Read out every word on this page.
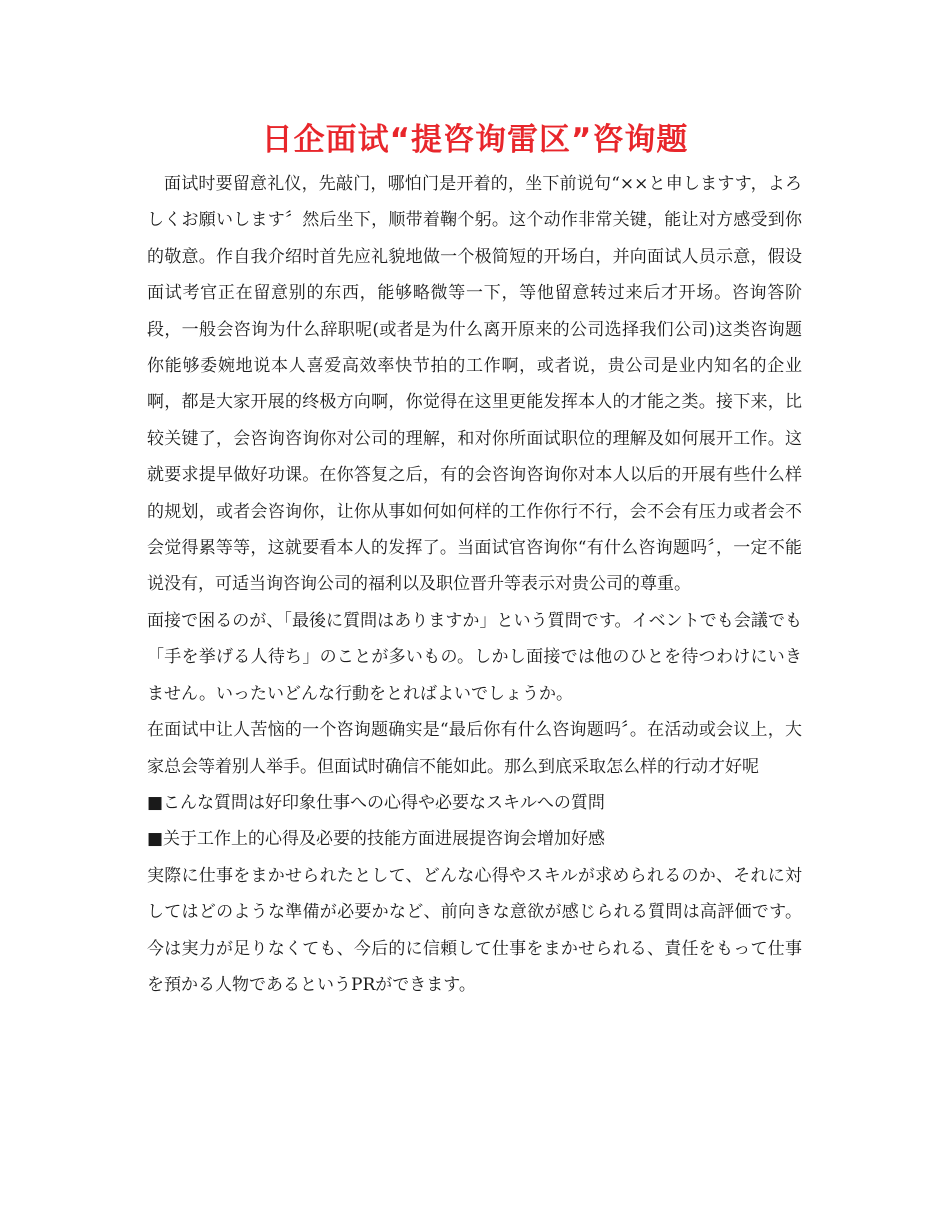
日企面试“提咨询雷区”咨询题

面试时要留意礼仪，先敲门，哪怕门是开着的，坐下前说句“××と申しますす，よろしくお願いします〞然后坐下，顺带着鞠个躬。这个动作非常关键，能让对方感受到你的敬意。作自我介绍时首先应礼貌地做一个极简短的开场白，并向面试人员示意，假设面试考官正在留意别的东西，能够略微等一下，等他留意转过来后才开场。咨询答阶段，一般会咨询为什么辞职呢(或者是为什么离开原来的公司选择我们公司)这类咨询题你能够委婉地说本人喜爱高效率快节拍的工作啊，或者说，贵公司是业内知名的企业啊，都是大家开展的终极方向啊，你觉得在这里更能发挥本人的才能之类。接下来，比较关键了，会咨询咨询你对公司的理解，和对你所面试职位的理解及如何展开工作。这就要求提早做好功课。在你答复之后，有的会咨询咨询你对本人以后的开展有些什么样的规划，或者会咨询你，让你从事如何如何样的工作你行不行，会不会有压力或者会不会觉得累等等，这就要看本人的发挥了。当面试官咨询你“有什么咨询题吗〞，一定不能说没有，可适当询咨询公司的福利以及职位晋升等表示对贵公司的尊重。

面接で困るのが、「最後に質問はありますか」という質問です。イベントでも会議でも「手を挙げる人待ち」のことが多いもの。しかし面接では他のひとを待つわけにいきません。いったいどんな行動をとればよいでしょうか。

在面试中让人苦恼的一个咨询题确实是“最后你有什么咨询题吗〞。在活动或会议上，大家总会等着别人举手。但面试时确信不能如此。那么到底采取怎么样的行动才好呢

■こんな質問は好印象仕事への心得や必要なスキルへの質問

■关于工作上的心得及必要的技能方面进展提咨询会增加好感

実際に仕事をまかせられたとして、どんな心得やスキルが求められるのか、それに対してはどのような準備が必要かなど、前向きな意欲が感じられる質問は高評価です。今は実力が足りなくても、今后的に信頼して仕事をまかせられる、責任をもって仕事を預かる人物であるというPRができます。
